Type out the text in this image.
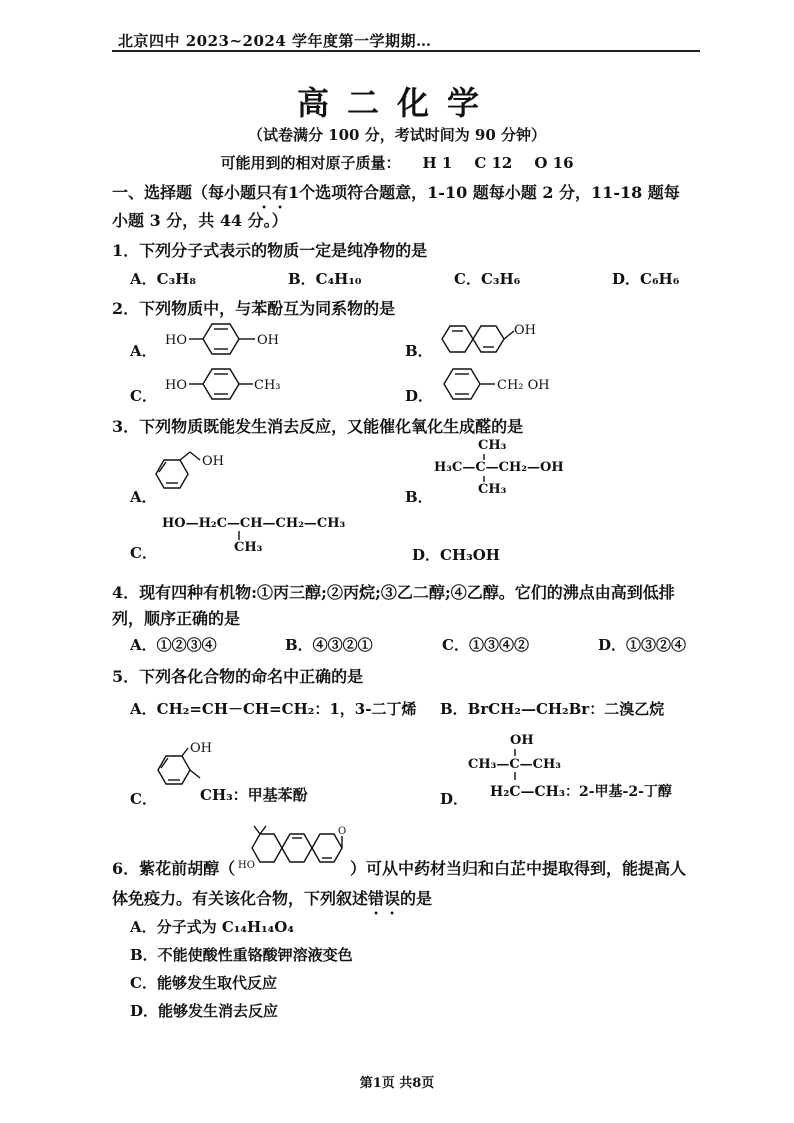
北京四中 2023~2024 学年度第一学期期…
高二化学
（试卷满分 100 分，考试时间为 90 分钟）
可能用到的相对原子质量： H 1 C 12 O 16
一、选择题（每小题只有1个选项符合题意，1-10 题每小题 2 分，11-18 题每
小题 3 分，共 44 分。）
1．下列分子式表示的物质一定是纯净物的是
A．C₃H₈	B．C₄H₁₀	C．C₃H₆	D．C₆H₆
2．下列物质中，与苯酚互为同系物的是
A．
HO	OH
B．
OH
C．
HO	CH₃
D．
CH₂ OH
3．下列物质既能发生消去反应，又能催化氧化生成醛的是
A．
OH
B．
CH₃
H₃C—C—CH₂—OH
CH₃
C．
HO—H₂C—CH—CH₂—CH₃
CH₃	D．CH₃OH
4．现有四种有机物:①丙三醇;②丙烷;③乙二醇;④乙醇。它们的沸点由高到低排
列，顺序正确的是
A．①②③④	B．④③②①	C．①③④②	D．①③②④
5．下列各化合物的命名中正确的是
A．CH₂=CH－CH=CH₂：1，3-二丁烯 B．BrCH₂—CH₂Br：二溴乙烷
C．
OH
CH₃：甲基苯酚	D．
OH
CH₃—C—CH₃
H₂C—CH₃：2-甲基-2-丁醇
6．紫花前胡醇（
O
HO	）可从中药材当归和白芷中提取得到，能提高人
体免疫力。有关该化合物，下列叙述错误的是
A．分子式为 C₁₄H₁₄O₄
B．不能使酸性重铬酸钾溶液变色
C．能够发生取代反应
D．能够发生消去反应
第1页 共8页
